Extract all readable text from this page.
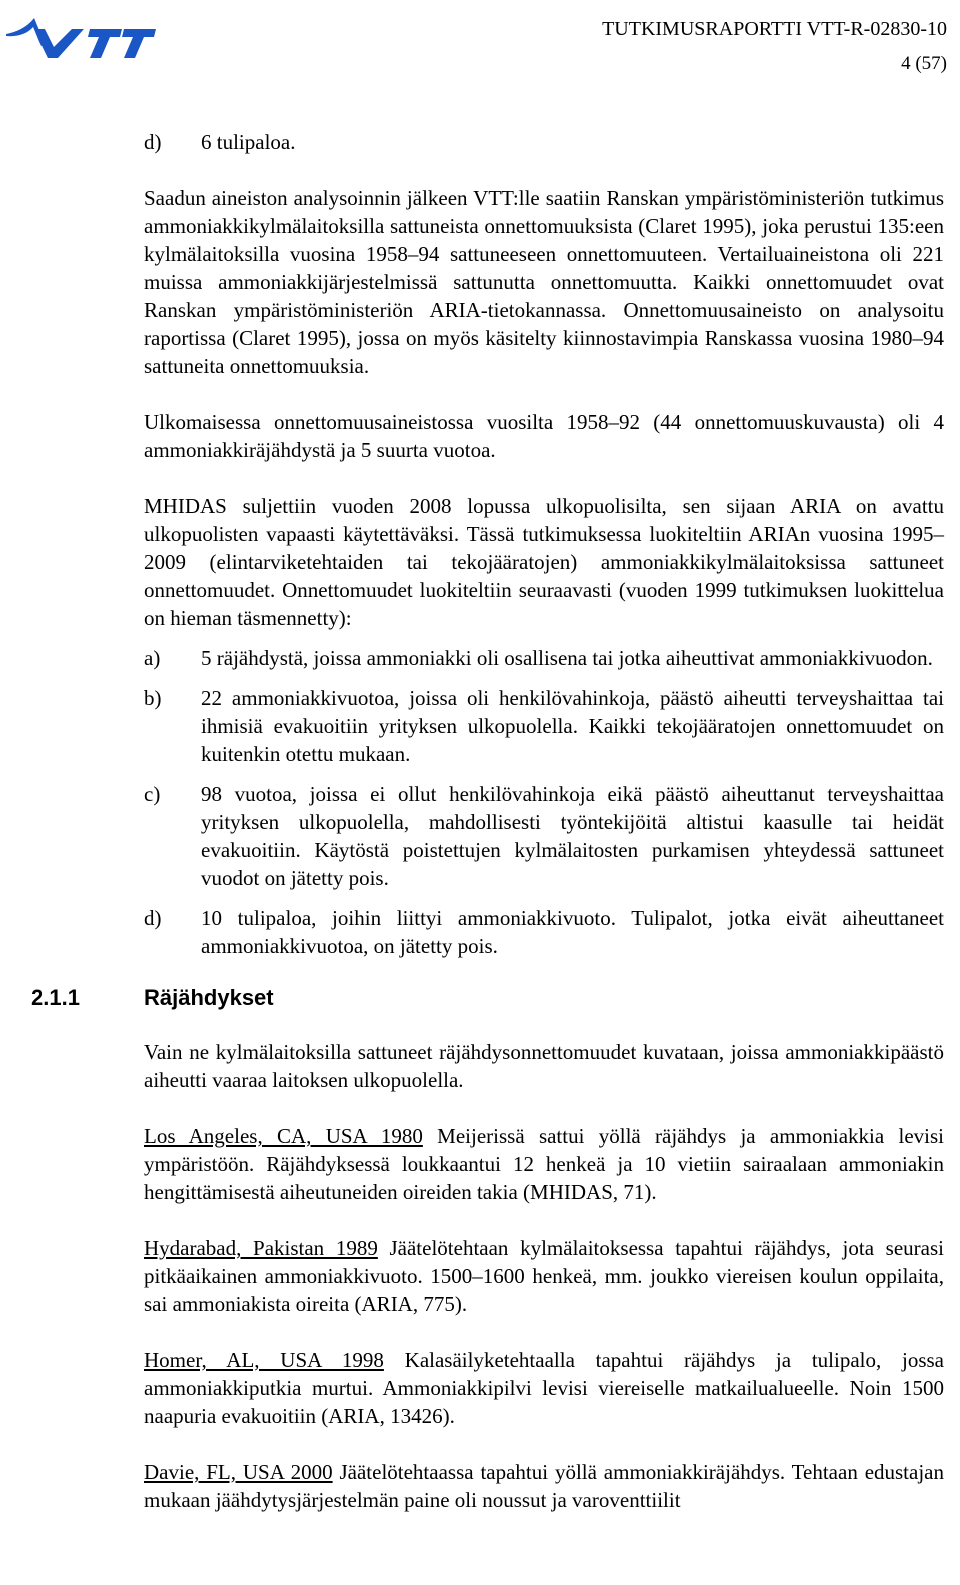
VTT
TUTKIMUSRAPORTTI VTT-R-02830-10
4 (57)
d) 6 tulipaloa.

Saadun aineiston analysoinnin jälkeen VTT:lle saatiin Ranskan ympäristöministeriön tutkimus ammoniakkikylmälaitoksilla sattuneista onnettomuuksista (Claret 1995), joka perustui 135:een kylmälaitoksilla vuosina 1958–94 sattuneeseen onnettomuuteen. Vertailuaineistona oli 221 muissa ammoniakkijärjestelmissä sattunutta onnettomuutta. Kaikki onnettomuudet ovat Ranskan ympäristöministeriön ARIA-tietokannassa. Onnettomuusaineisto on analysoitu raportissa (Claret 1995), jossa on myös käsitelty kiinnostavimpia Ranskassa vuosina 1980–94 sattuneita onnettomuuksia.

Ulkomaisessa onnettomuusaineistossa vuosilta 1958–92 (44 onnettomuuskuvausta) oli 4 ammoniakkiräjähdystä ja 5 suurta vuotoa.

MHIDAS suljettiin vuoden 2008 lopussa ulkopuolisilta, sen sijaan ARIA on avattu ulkopuolisten vapaasti käytettäväksi. Tässä tutkimuksessa luokiteltiin ARIAn vuosina 1995–2009 (elintarviketehtaiden tai tekojääratojen) ammoniakkikylmälaitoksissa sattuneet onnettomuudet. Onnettomuudet luokiteltiin seuraavasti (vuoden 1999 tutkimuksen luokittelua on hieman täsmennetty):

a) 5 räjähdystä, joissa ammoniakki oli osallisena tai jotka aiheuttivat ammoniakkivuodon.
b) 22 ammoniakkivuotoa, joissa oli henkilövahinkoja, päästö aiheutti terveyshaittaa tai ihmisiä evakuoitiin yrityksen ulkopuolella. Kaikki tekojääratojen onnettomuudet on kuitenkin otettu mukaan.
c) 98 vuotoa, joissa ei ollut henkilövahinkoja eikä päästö aiheuttanut terveyshaittaa yrityksen ulkopuolella, mahdollisesti työntekijöitä altistui kaasulle tai heidät evakuoitiin. Käytöstä poistettujen kylmälaitosten purkamisen yhteydessä sattuneet vuodot on jätetty pois.
d) 10 tulipaloa, joihin liittyi ammoniakkivuoto. Tulipalot, jotka eivät aiheuttaneet ammoniakkivuotoa, on jätetty pois.
2.1.1	Räjähdykset

Vain ne kylmälaitoksilla sattuneet räjähdysonnettomuudet kuvataan, joissa ammoniakkipäästö aiheutti vaaraa laitoksen ulkopuolella.

Los Angeles, CA, USA 1980 Meijerissä sattui yöllä räjähdys ja ammoniakkia levisi ympäristöön. Räjähdyksessä loukkaantui 12 henkeä ja 10 vietiin sairaalaan ammoniakin hengittämisestä aiheutuneiden oireiden takia (MHIDAS, 71).

Hydarabad, Pakistan 1989 Jäätelötehtaan kylmälaitoksessa tapahtui räjähdys, jota seurasi pitkäaikainen ammoniakkivuoto. 1500–1600 henkeä, mm. joukko viereisen koulun oppilaita, sai ammoniakista oireita (ARIA, 775).

Homer, AL, USA 1998 Kalasäilyketehtaalla tapahtui räjähdys ja tulipalo, jossa ammoniakkiputkia murtui. Ammoniakkipilvi levisi viereiselle matkailualueelle. Noin 1500 naapuria evakuoitiin (ARIA, 13426).

Davie, FL, USA 2000 Jäätelötehtaassa tapahtui yöllä ammoniakkiräjähdys. Tehtaan edustajan mukaan jäähdytysjärjestelmän paine oli noussut ja varoventtiilit
